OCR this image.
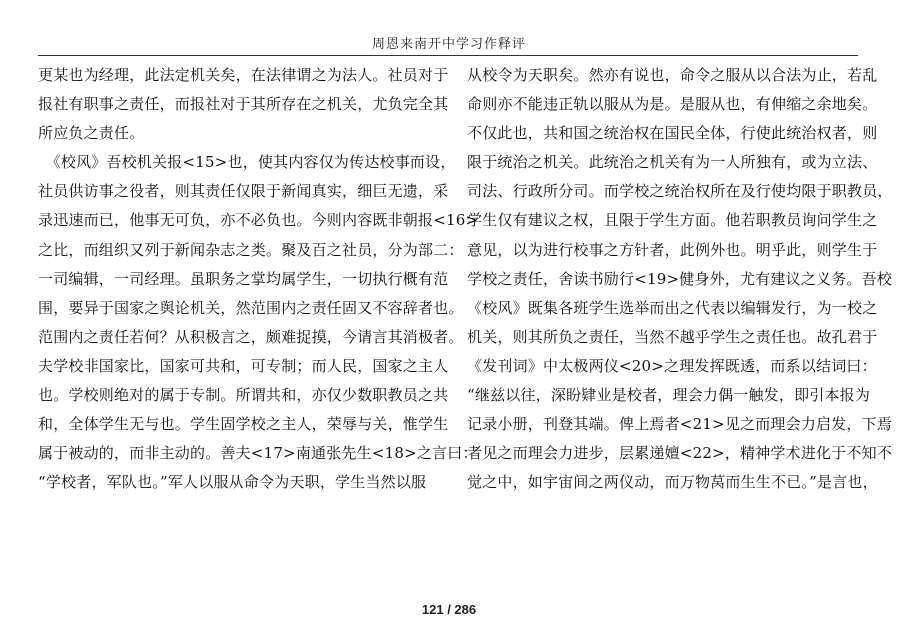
周恩来南开中学习作释评
更某也为经理，此法定机关矣，在法律谓之为法人。社员对于
报社有职事之责任，而报社对于其所存在之机关，尤负完全其
所应负之责任。
　《校风》吾校机关报<15>也，使其内容仅为传达校事而设，
社员供访事之役者，则其责任仅限于新闻真实，细巨无遗，采
录迅速而已，他事无可负，亦不必负也。今则内容既非朝报<16>
之比，而组织又列于新闻杂志之类。聚及百之社员，分为部二：
一司编辑，一司经理。虽职务之掌均属学生，一切执行概有范
围，要异于国家之舆论机关，然范围内之责任固又不容辞者也。
范围内之责任若何？从积极言之，颇难捉摸，今请言其消极者。
夫学校非国家比，国家可共和，可专制；而人民，国家之主人
也。学校则绝对的属于专制。所谓共和，亦仅少数职教员之共
和，全体学生无与也。学生固学校之主人，荣辱与关，惟学生
属于被动的，而非主动的。善夫<17>南通张先生<18>之言曰：
“学校者，军队也。”军人以服从命令为天职，学生当然以服
从校令为天职矣。然亦有说也，命令之服从以合法为止，若乱
命则亦不能违正轨以服从为是。是服从也，有伸缩之余地矣。
不仅此也，共和国之统治权在国民全体，行使此统治权者，则
限于统治之机关。此统治之机关有为一人所独有，或为立法、
司法、行政所分司。而学校之统治权所在及行使均限于职教员，
学生仅有建议之权，且限于学生方面。他若职教员询问学生之
意见，以为进行校事之方针者，此例外也。明乎此，则学生于
学校之责任，舍读书励行<19>健身外，尤有建议之义务。吾校
《校风》既集各班学生选举而出之代表以编辑发行，为一校之
机关，则其所负之责任，当然不越乎学生之责任也。故孔君于
《发刊词》中太极两仪<20>之理发挥既透，而系以结词曰：
“继兹以往，深盼肄业是校者，理会力偶一触发，即引本报为
记录小册，刊登其端。俾上焉者<21>见之而理会力启发，下焉
者见之而理会力进步，层累递嬗<22>，精神学术进化于不知不
觉之中，如宇宙间之两仪动，而万物莴而生生不已。”是言也，
121 / 286
